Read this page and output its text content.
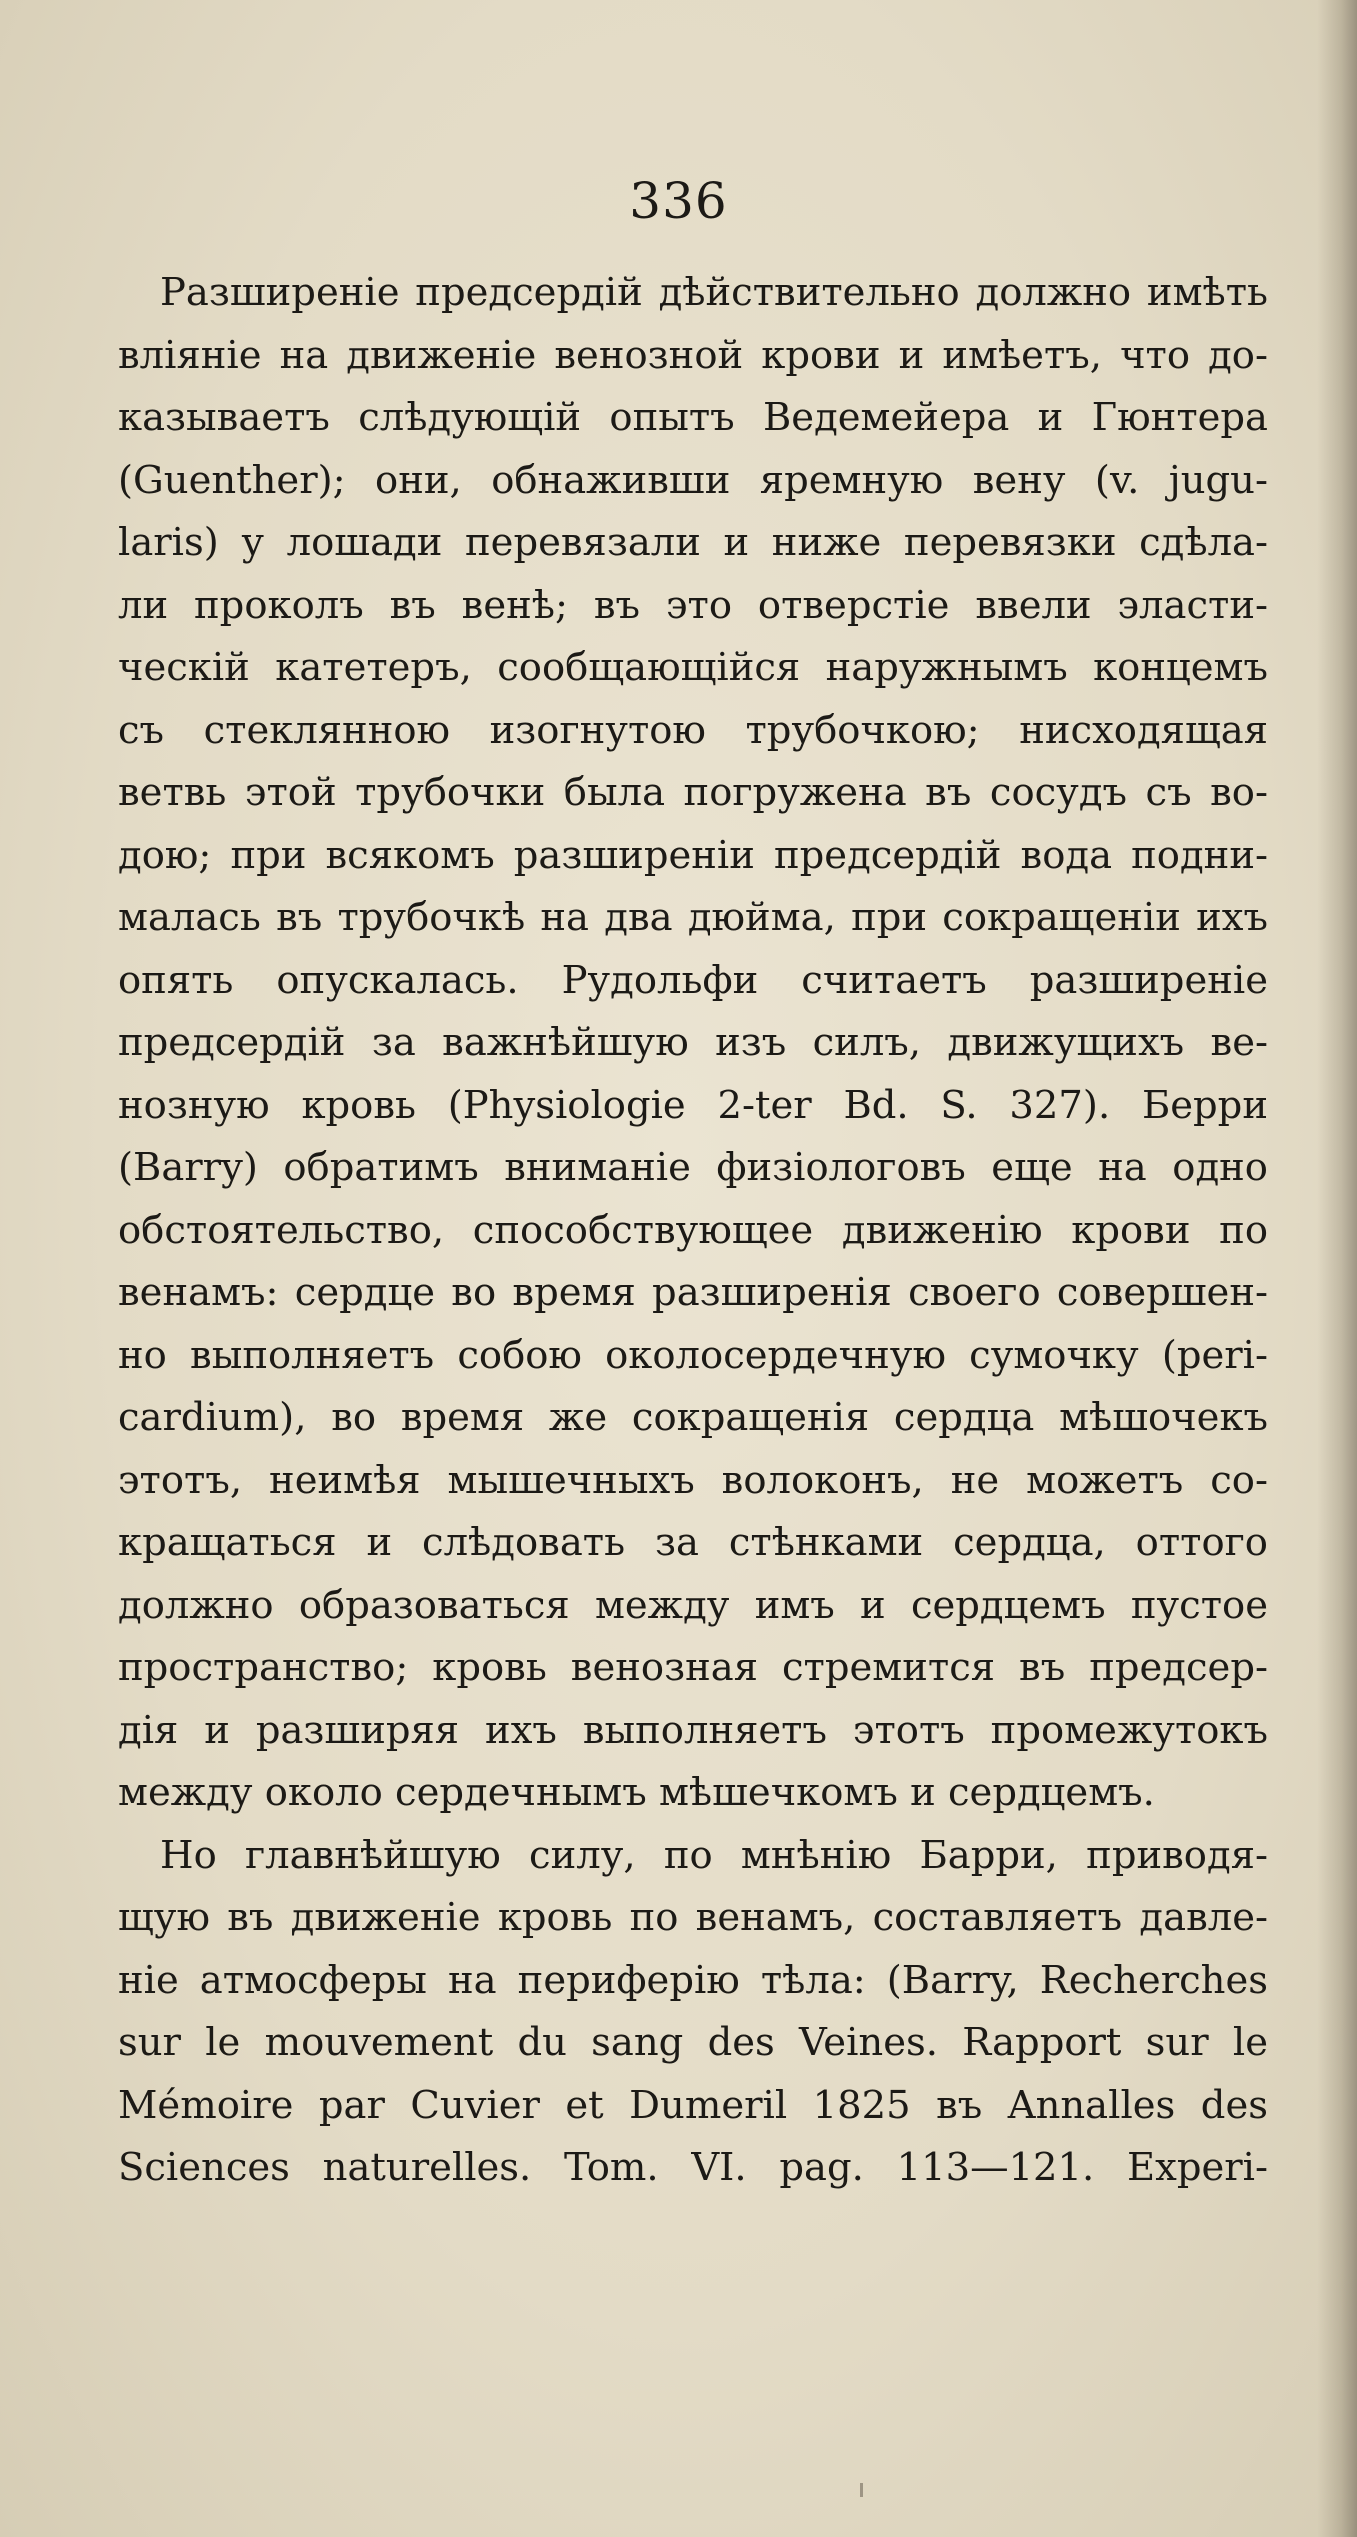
336
Разширеніе предсердій дѣйствительно должно имѣть
вліяніе на движеніе венозной крови и имѣетъ, что до-
казываетъ слѣдующій опытъ Ведемейера и Гюнтера
(Guenther); они, обнаживши яремную вену (v. jugu-
laris) у лошади перевязали и ниже перевязки сдѣла-
ли проколъ въ венѣ; въ это отверстіе ввели эласти-
ческій катетеръ, сообщающійся наружнымъ концемъ
съ стеклянною изогнутою трубочкою; нисходящая
ветвь этой трубочки была погружена въ сосудъ съ во-
дою; при всякомъ разширеніи предсердій вода подни-
малась въ трубочкѣ на два дюйма, при сокращеніи ихъ
опять опускалась. Рудольфи считаетъ разширеніе
предсердій за важнѣйшую изъ силъ, движущихъ ве-
нозную кровь (Physiologie 2-ter Bd. S. 327). Берри
(Barry) обратимъ вниманіе физіологовъ еще на одно
обстоятельство, способствующее движенію крови по
венамъ: сердце во время разширенія своего совершен-
но выполняетъ собою околосердечную сумочку (peri-
cardium), во время же сокращенія сердца мѣшочекъ
этотъ, неимѣя мышечныхъ волоконъ, не можетъ со-
кращаться и слѣдовать за стѣнками сердца, оттого
должно образоваться между имъ и сердцемъ пустое
пространство; кровь венозная стремится въ предсер-
дія и разширяя ихъ выполняетъ этотъ промежутокъ
между около сердечнымъ мѣшечкомъ и сердцемъ.
Но главнѣйшую силу, по мнѣнію Барри, приводя-
щую въ движеніе кровь по венамъ, составляетъ давле-
ніе атмосферы на периферію тѣла: (Barry, Recherches
sur le mouvement du sang des Veines. Rapport sur le
Mémoire par Cuvier et Dumeril 1825 въ Annalles des
Sciences naturelles. Tom. VI. pag. 113—121. Experi-
